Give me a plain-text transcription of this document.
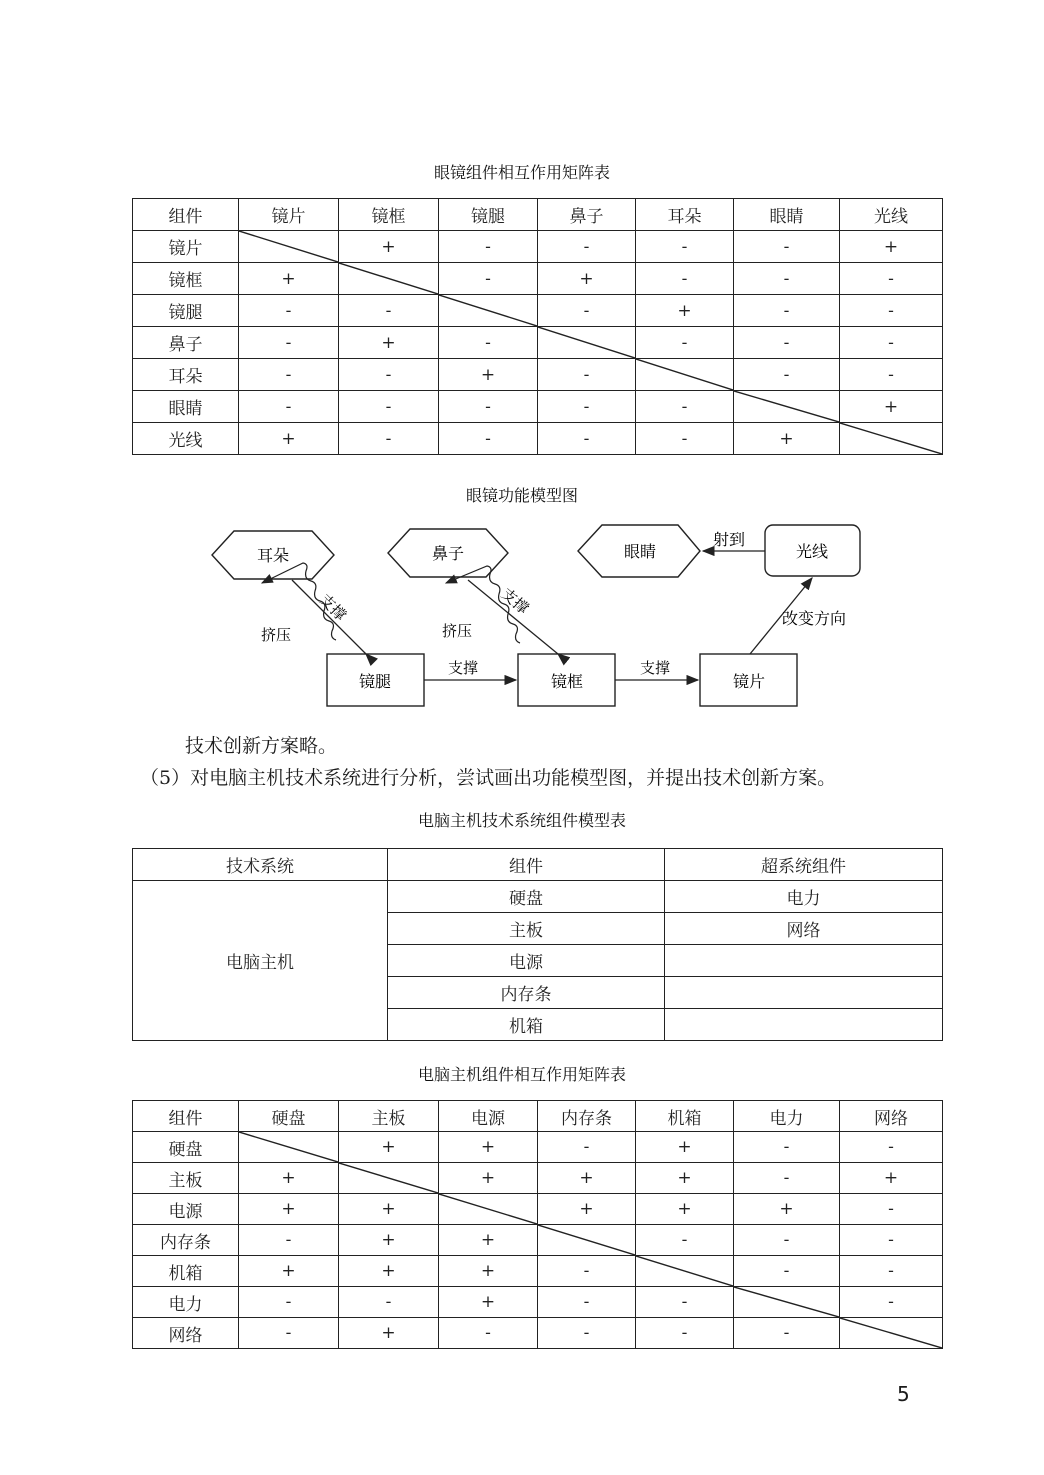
眼镜组件相互作用矩阵表
组件	镜片	镜框	镜腿	鼻子	耳朵	眼睛	光线
镜片		+	-	-	-	-	+
镜框	+		-	+	-	-	-
镜腿	-	-		-	+	-	-
鼻子	-	+	-		-	-	-
耳朵	-	-	+	-		-	-
眼睛	-	-	-	-	-		+
光线	+	-	-	-	-	+	
眼镜功能模型图
耳朵	鼻子	眼睛	光线
镜腿	镜框	镜片
支撑
挤压
支撑
挤压
支撑	支撑
改变方向
射到
技术创新方案略。
（5）对电脑主机技术系统进行分析，尝试画出功能模型图，并提出技术创新方案。
电脑主机技术系统组件模型表
技术系统	组件	超系统组件
电脑主机	硬盘	电力
	主板	网络
	电源	
	内存条	
	机箱	
电脑主机组件相互作用矩阵表
组件	硬盘	主板	电源	内存条	机箱	电力	网络
硬盘		+	+	-	+	-	-
主板	+		+	+	+	-	+
电源	+	+		+	+	+	-
内存条	-	+	+		-	-	-
机箱	+	+	+	-		-	-
电力	-	-	+	-	-		-
网络	-	+	-	-	-	-	
5
